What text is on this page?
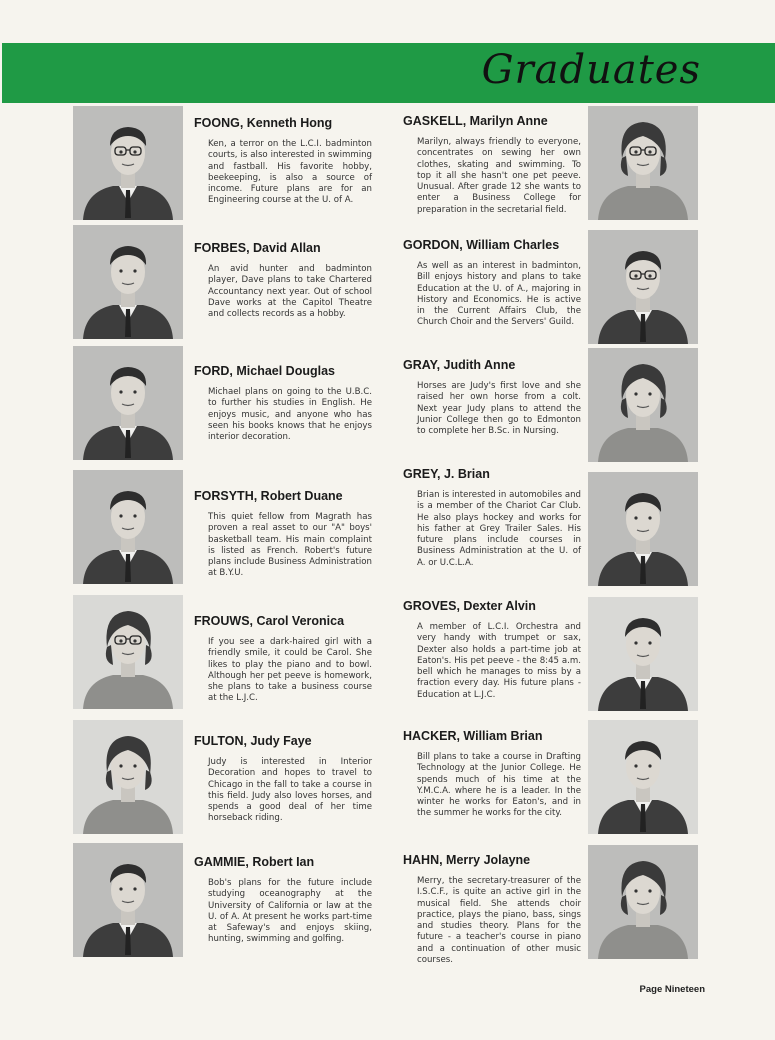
Graduates
FOONG, Kenneth Hong

Ken, a terror on the L.C.I. badminton courts, is also interested in swimming and fastball. His favorite hobby, beekeeping, is also a source of income. Future plans are for an Engineering course at the U. of A.

FORBES, David Allan

An avid hunter and badminton player, Dave plans to take Chartered Accountancy next year. Out of school Dave works at the Capitol Theatre and collects records as a hobby.

FORD, Michael Douglas

Michael plans on going to the U.B.C. to further his studies in English. He enjoys music, and anyone who has seen his books knows that he enjoys interior decoration.

FORSYTH, Robert Duane

This quiet fellow from Magrath has proven a real asset to our "A" boys' basketball team. His main complaint is listed as French. Robert's future plans include Business Administration at B.Y.U.

FROUWS, Carol Veronica

If you see a dark-haired girl with a friendly smile, it could be Carol. She likes to play the piano and to bowl. Although her pet peeve is homework, she plans to take a business course at the L.J.C.

FULTON, Judy Faye

Judy is interested in Interior Decoration and hopes to travel to Chicago in the fall to take a course in this field. Judy also loves horses, and spends a good deal of her time horseback riding.

GAMMIE, Robert Ian

Bob's plans for the future include studying oceanography at the University of California or law at the U. of A. At present he works part-time at Safeway's and enjoys skiing, hunting, swimming and golfing.

GASKELL, Marilyn Anne

Marilyn, always friendly to everyone, concentrates on sewing her own clothes, skating and swimming. To top it all she hasn't one pet peeve. Unusual. After grade 12 she wants to enter a Business College for preparation in the secretarial field.

GORDON, William Charles

As well as an interest in badminton, Bill enjoys history and plans to take Education at the U. of A., majoring in History and Economics. He is active in the Current Affairs Club, the Church Choir and the Servers' Guild.

GRAY, Judith Anne

Horses are Judy's first love and she raised her own horse from a colt. Next year Judy plans to attend the Junior College then go to Edmonton to complete her B.Sc. in Nursing.

GREY, J. Brian

Brian is interested in automobiles and is a member of the Chariot Car Club. He also plays hockey and works for his father at Grey Trailer Sales. His future plans include courses in Business Administration at the U. of A. or U.C.L.A.

GROVES, Dexter Alvin

A member of L.C.I. Orchestra and very handy with trumpet or sax, Dexter also holds a part-time job at Eaton's. His pet peeve - the 8:45 a.m. bell which he manages to miss by a fraction every day. His future plans - Education at L.J.C.

HACKER, William Brian

Bill plans to take a course in Drafting Technology at the Junior College. He spends much of his time at the Y.M.C.A. where he is a leader. In the winter he works for Eaton's, and in the summer he works for the city.

HAHN, Merry Jolayne

Merry, the secretary-treasurer of the I.S.C.F., is quite an active girl in the musical field. She attends choir practice, plays the piano, bass, sings and studies theory. Plans for the future - a teacher's course in piano and a continuation of other music courses.

Page Nineteen
